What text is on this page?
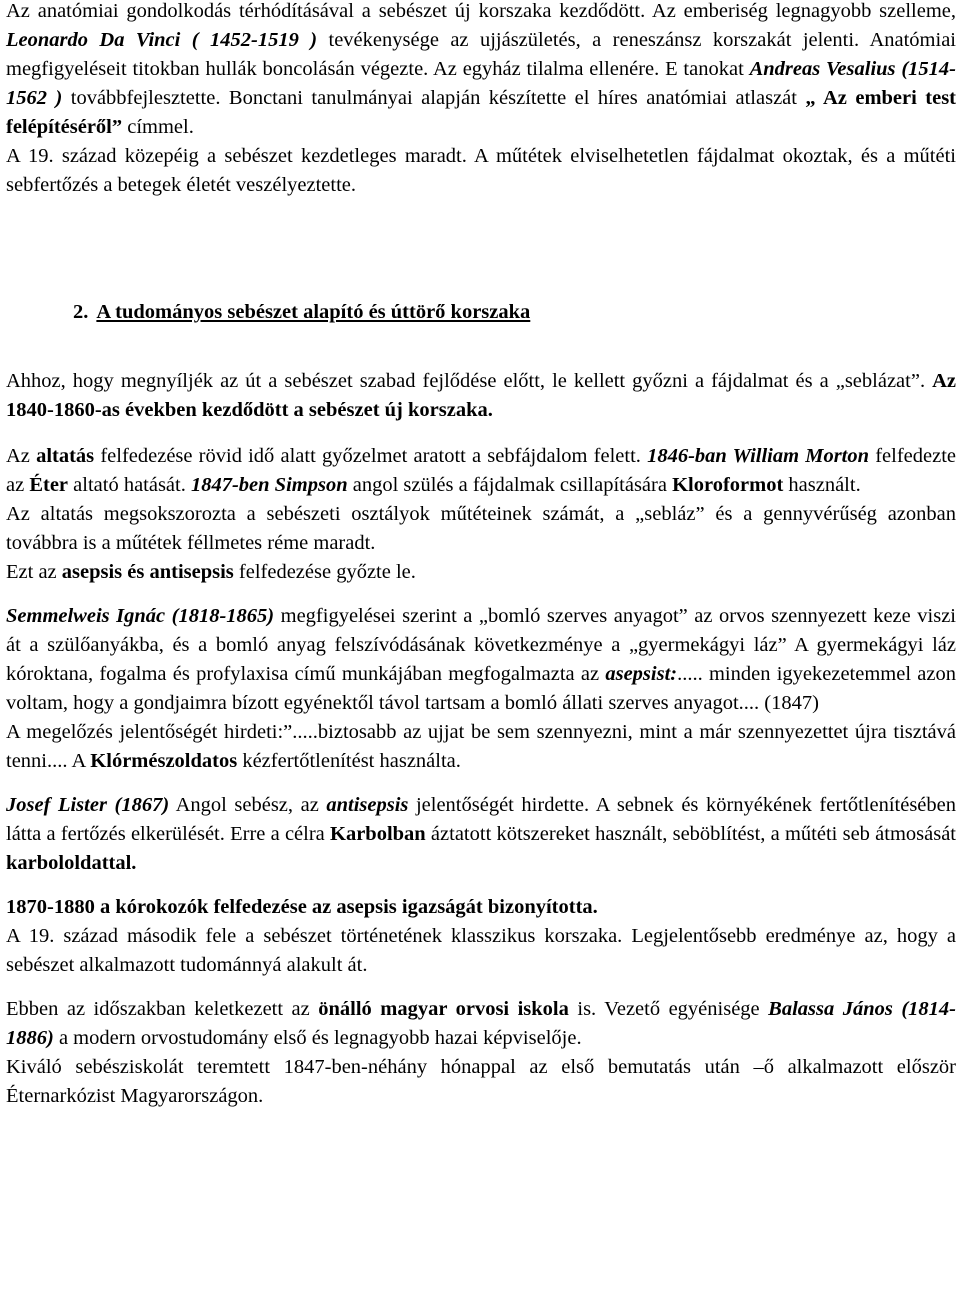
Az anatómiai gondolkodás térhódításával a sebészet új korszaka kezdődött. Az emberiség legnagyobb szelleme, Leonardo Da Vinci ( 1452-1519 ) tevékenysége az ujjászületés, a reneszánsz korszakát jelenti. Anatómiai megfigyeléseit titokban hullák boncolásán végezte. Az egyház tilalma ellenére. E tanokat Andreas Vesalius (1514-1562 ) továbbfejlesztette. Bonctani tanulmányai alapján készítette el híres anatómiai atlaszát „ Az emberi test felépítéséről” címmel.

A 19. század közepéig a sebészet kezdetleges maradt. A műtétek elviselhetetlen fájdalmat okoztak, és a műtéti sebfertőzés a betegek életét veszélyeztette.

2. A tudományos sebészet alapító és úttörő korszaka

Ahhoz, hogy megnyíljék az út a sebészet szabad fejlődése előtt, le kellett győzni a fájdalmat és a „seblázat”. Az 1840-1860-as években kezdődött a sebészet új korszaka.

Az altatás felfedezése rövid idő alatt győzelmet aratott a sebfájdalom felett. 1846-ban William Morton felfedezte az Éter altató hatását. 1847-ben Simpson angol szülés a fájdalmak csillapítására Kloroformot használt.

Az altatás megsokszorozta a sebészeti osztályok műtéteinek számát, a „sebláz” és a gennyvérűség azonban továbbra is a műtétek féllmetes réme maradt.

Ezt az asepsis és antisepsis felfedezése győzte le.

Semmelweis Ignác (1818-1865) megfigyelései szerint a „bomló szerves anyagot” az orvos szennyezett keze viszi át a szülőanyákba, és a bomló anyag felszívódásának következménye a „gyermekágyi láz” A gyermekágyi láz kóroktana, fogalma és profylaxisa című munkájában megfogalmazta az asepsist:..... minden igyekezetemmel azon voltam, hogy a gondjaimra bízott egyénektől távol tartsam a bomló állati szerves anyagot.... (1847)

A megelőzés jelentőségét hirdeti:”.....biztosabb az ujjat be sem szennyezni, mint a már szennyezettet újra tisztává tenni.... A Klórmészoldatos kézfertőtlenítést használta.

Josef Lister (1867) Angol sebész, az antisepsis jelentőségét hirdette. A sebnek és környékének fertőtlenítésében látta a fertőzés elkerülését. Erre a célra Karbolban áztatott kötszereket használt, seböblítést, a műtéti seb átmosását karbololdattal.

1870-1880 a kórokozók felfedezése az asepsis igazságát bizonyította.

A 19. század második fele a sebészet történetének klasszikus korszaka. Legjelentősebb eredménye az, hogy a sebészet alkalmazott tudománnyá alakult át.

Ebben az időszakban keletkezett az önálló magyar orvosi iskola is. Vezető egyénisége Balassa János (1814-1886) a modern orvostudomány első és legnagyobb hazai képviselője.

Kiváló sebésziskolát teremtett 1847-ben-néhány hónappal az első bemutatás után –ő alkalmazott először Éternarkózist Magyarországon.
